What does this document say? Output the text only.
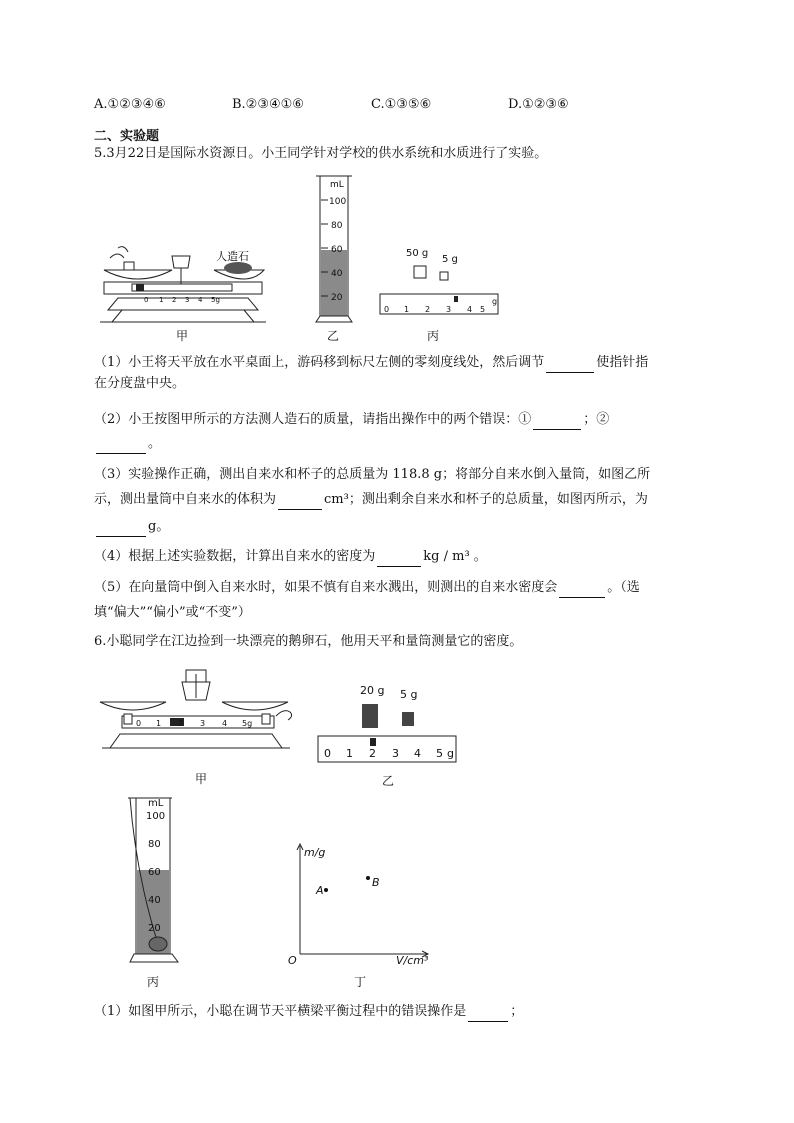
A.①②③④⑥	B.②③④①⑥	C.①③⑤⑥	D.①②③⑥
二、实验题
5.3月22日是国际水资源日。小王同学针对学校的供水系统和水质进行了实验。
0 1 2 3 4 5g
人造石
甲
mL
100
80
60
40
20
乙
50 g
5 g
0 1 2 3 4 5
g
丙
（1）小王将天平放在水平桌面上，游码移到标尺左侧的零刻度线处，然后调节	使指针指
在分度盘中央。
（2）小王按图甲所示的方法测人造石的质量，请指出操作中的两个错误：①	；②
。
（3）实验操作正确，测出自来水和杯子的总质量为 118.8 g；将部分自来水倒入量筒，如图乙所
示，测出量筒中自来水的体积为	cm³；测出剩余自来水和杯子的总质量，如图丙所示，为
g。
（4）根据上述实验数据，计算出自来水的密度为	kg / m³ 。
（5）在向量筒中倒入自来水时，如果不慎有自来水溅出，则测出的自来水密度会	。（选
填“偏大”“偏小”或“不变”）
6.小聪同学在江边捡到一块漂亮的鹅卵石，他用天平和量筒测量它的密度。
0 1 2 3 4 5g
甲
20 g 5 g
0 1 2 3 4 5 g
乙
mL
100
80
60
40
20
丙
m/g
V/cm³
O
A
B
丁
（1）如图甲所示，小聪在调节天平横梁平衡过程中的错误操作是	；
